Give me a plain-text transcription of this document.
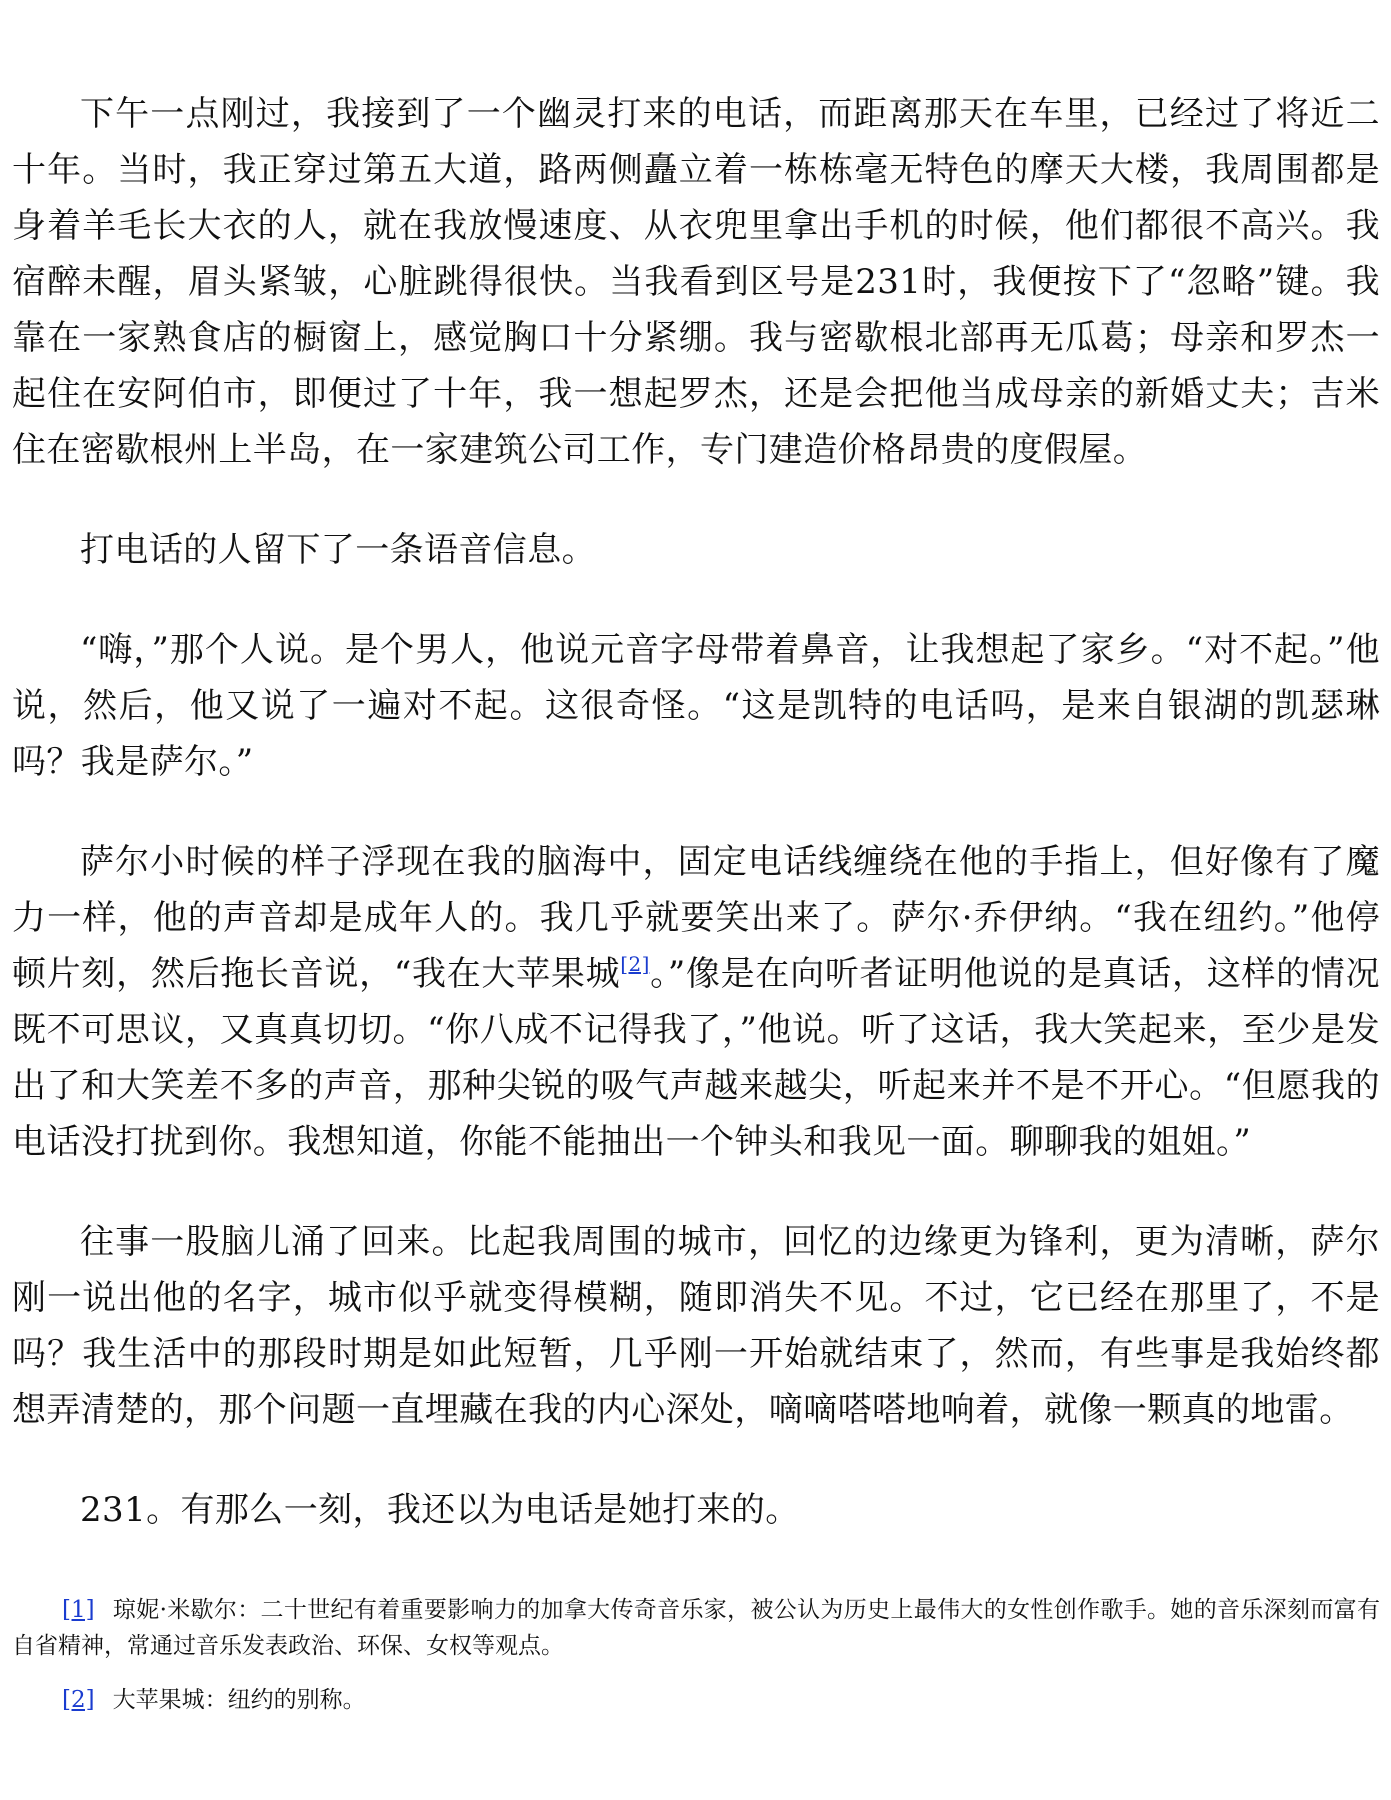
下午一点刚过，我接到了一个幽灵打来的电话，而距离那天在车里，已经过了将近二十年。当时，我正穿过第五大道，路两侧矗立着一栋栋毫无特色的摩天大楼，我周围都是身着羊毛长大衣的人，就在我放慢速度、从衣兜里拿出手机的时候，他们都很不高兴。我宿醉未醒，眉头紧皱，心脏跳得很快。当我看到区号是231时，我便按下了“忽略”键。我靠在一家熟食店的橱窗上，感觉胸口十分紧绷。我与密歇根北部再无瓜葛；母亲和罗杰一起住在安阿伯市，即便过了十年，我一想起罗杰，还是会把他当成母亲的新婚丈夫；吉米住在密歇根州上半岛，在一家建筑公司工作，专门建造价格昂贵的度假屋。

打电话的人留下了一条语音信息。

“嗨，”那个人说。是个男人，他说元音字母带着鼻音，让我想起了家乡。“对不起。”他说，然后，他又说了一遍对不起。这很奇怪。“这是凯特的电话吗，是来自银湖的凯瑟琳吗？我是萨尔。”

萨尔小时候的样子浮现在我的脑海中，固定电话线缠绕在他的手指上，但好像有了魔力一样，他的声音却是成年人的。我几乎就要笑出来了。萨尔·乔伊纳。“我在纽约。”他停顿片刻，然后拖长音说，“我在大苹果城[2]。”像是在向听者证明他说的是真话，这样的情况既不可思议，又真真切切。“你八成不记得我了，”他说。听了这话，我大笑起来，至少是发出了和大笑差不多的声音，那种尖锐的吸气声越来越尖，听起来并不是不开心。“但愿我的电话没打扰到你。我想知道，你能不能抽出一个钟头和我见一面。聊聊我的姐姐。”

往事一股脑儿涌了回来。比起我周围的城市，回忆的边缘更为锋利，更为清晰，萨尔刚一说出他的名字，城市似乎就变得模糊，随即消失不见。不过，它已经在那里了，不是吗？我生活中的那段时期是如此短暂，几乎刚一开始就结束了，然而，有些事是我始终都想弄清楚的，那个问题一直埋藏在我的内心深处，嘀嘀嗒嗒地响着，就像一颗真的地雷。

231。有那么一刻，我还以为电话是她打来的。

[1] 琼妮·米歇尔：二十世纪有着重要影响力的加拿大传奇音乐家，被公认为历史上最伟大的女性创作歌手。她的音乐深刻而富有自省精神，常通过音乐发表政治、环保、女权等观点。

[2] 大苹果城：纽约的别称。
